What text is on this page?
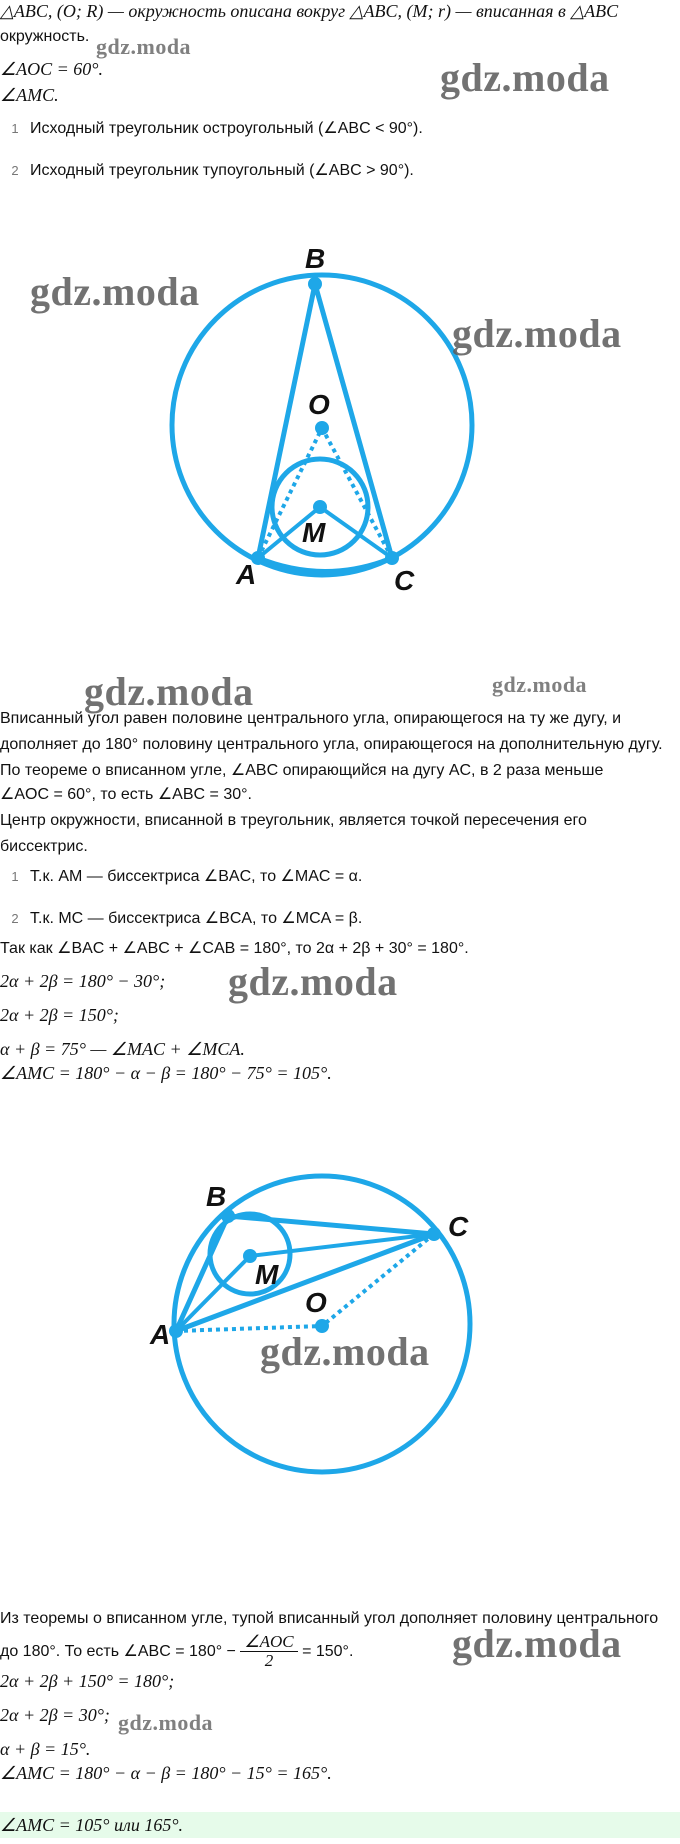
△ABC, (O; R) — окружность описана вокруг △ABC, (M; r) — вписанная в △ABC
окружность.
∠AOC = 60°.
∠AMC.
1 Исходный треугольник остроугольный (∠ABC < 90°).
2 Исходный треугольник тупоугольный (∠ABC > 90°).
B
O
M
A	C
Вписанный угол равен половине центрального угла, опирающегося на ту же дугу, и
дополняет до 180° половину центрального угла, опирающегося на дополнительную дугу.
По теореме о вписанном угле, ∠ABC опирающийся на дугу AC, в 2 раза меньше
∠AOC = 60°, то есть ∠ABC = 30°.
Центр окружности, вписанной в треугольник, является точкой пересечения его
биссектрис.
1 Т.к. AM — биссектриса ∠BAC, то ∠MAC = α.
2 Т.к. MC — биссектриса ∠BCA, то ∠MCA = β.
Так как ∠BAC + ∠ABC + ∠CAB = 180°, то 2α + 2β + 30° = 180°.
2α + 2β = 180° − 30°;
2α + 2β = 150°;
α + β = 75° — ∠MAC + ∠MCA.
∠AMC = 180° − α − β = 180° − 75° = 105°.
B
C
M
O
A
Из теоремы о вписанном угле, тупой вписанный угол дополняет половину центрального
до 180°. То есть ∠ABC = $180^\circ - \frac{\text{∠AOC}}{2} = 150^\circ$.
2α + 2β + 150° = 180°;
2α + 2β = 30°;
α + β = 15°.
∠AMC = 180° − α − β = 180° − 15° = 165°.
∠AMC = 105° или 165°.
gdz.moda
gdz.moda
gdz.moda
gdz.moda
gdz.moda	gdz.moda
gdz.moda
gdz.moda
gdz.moda
gdz.moda
